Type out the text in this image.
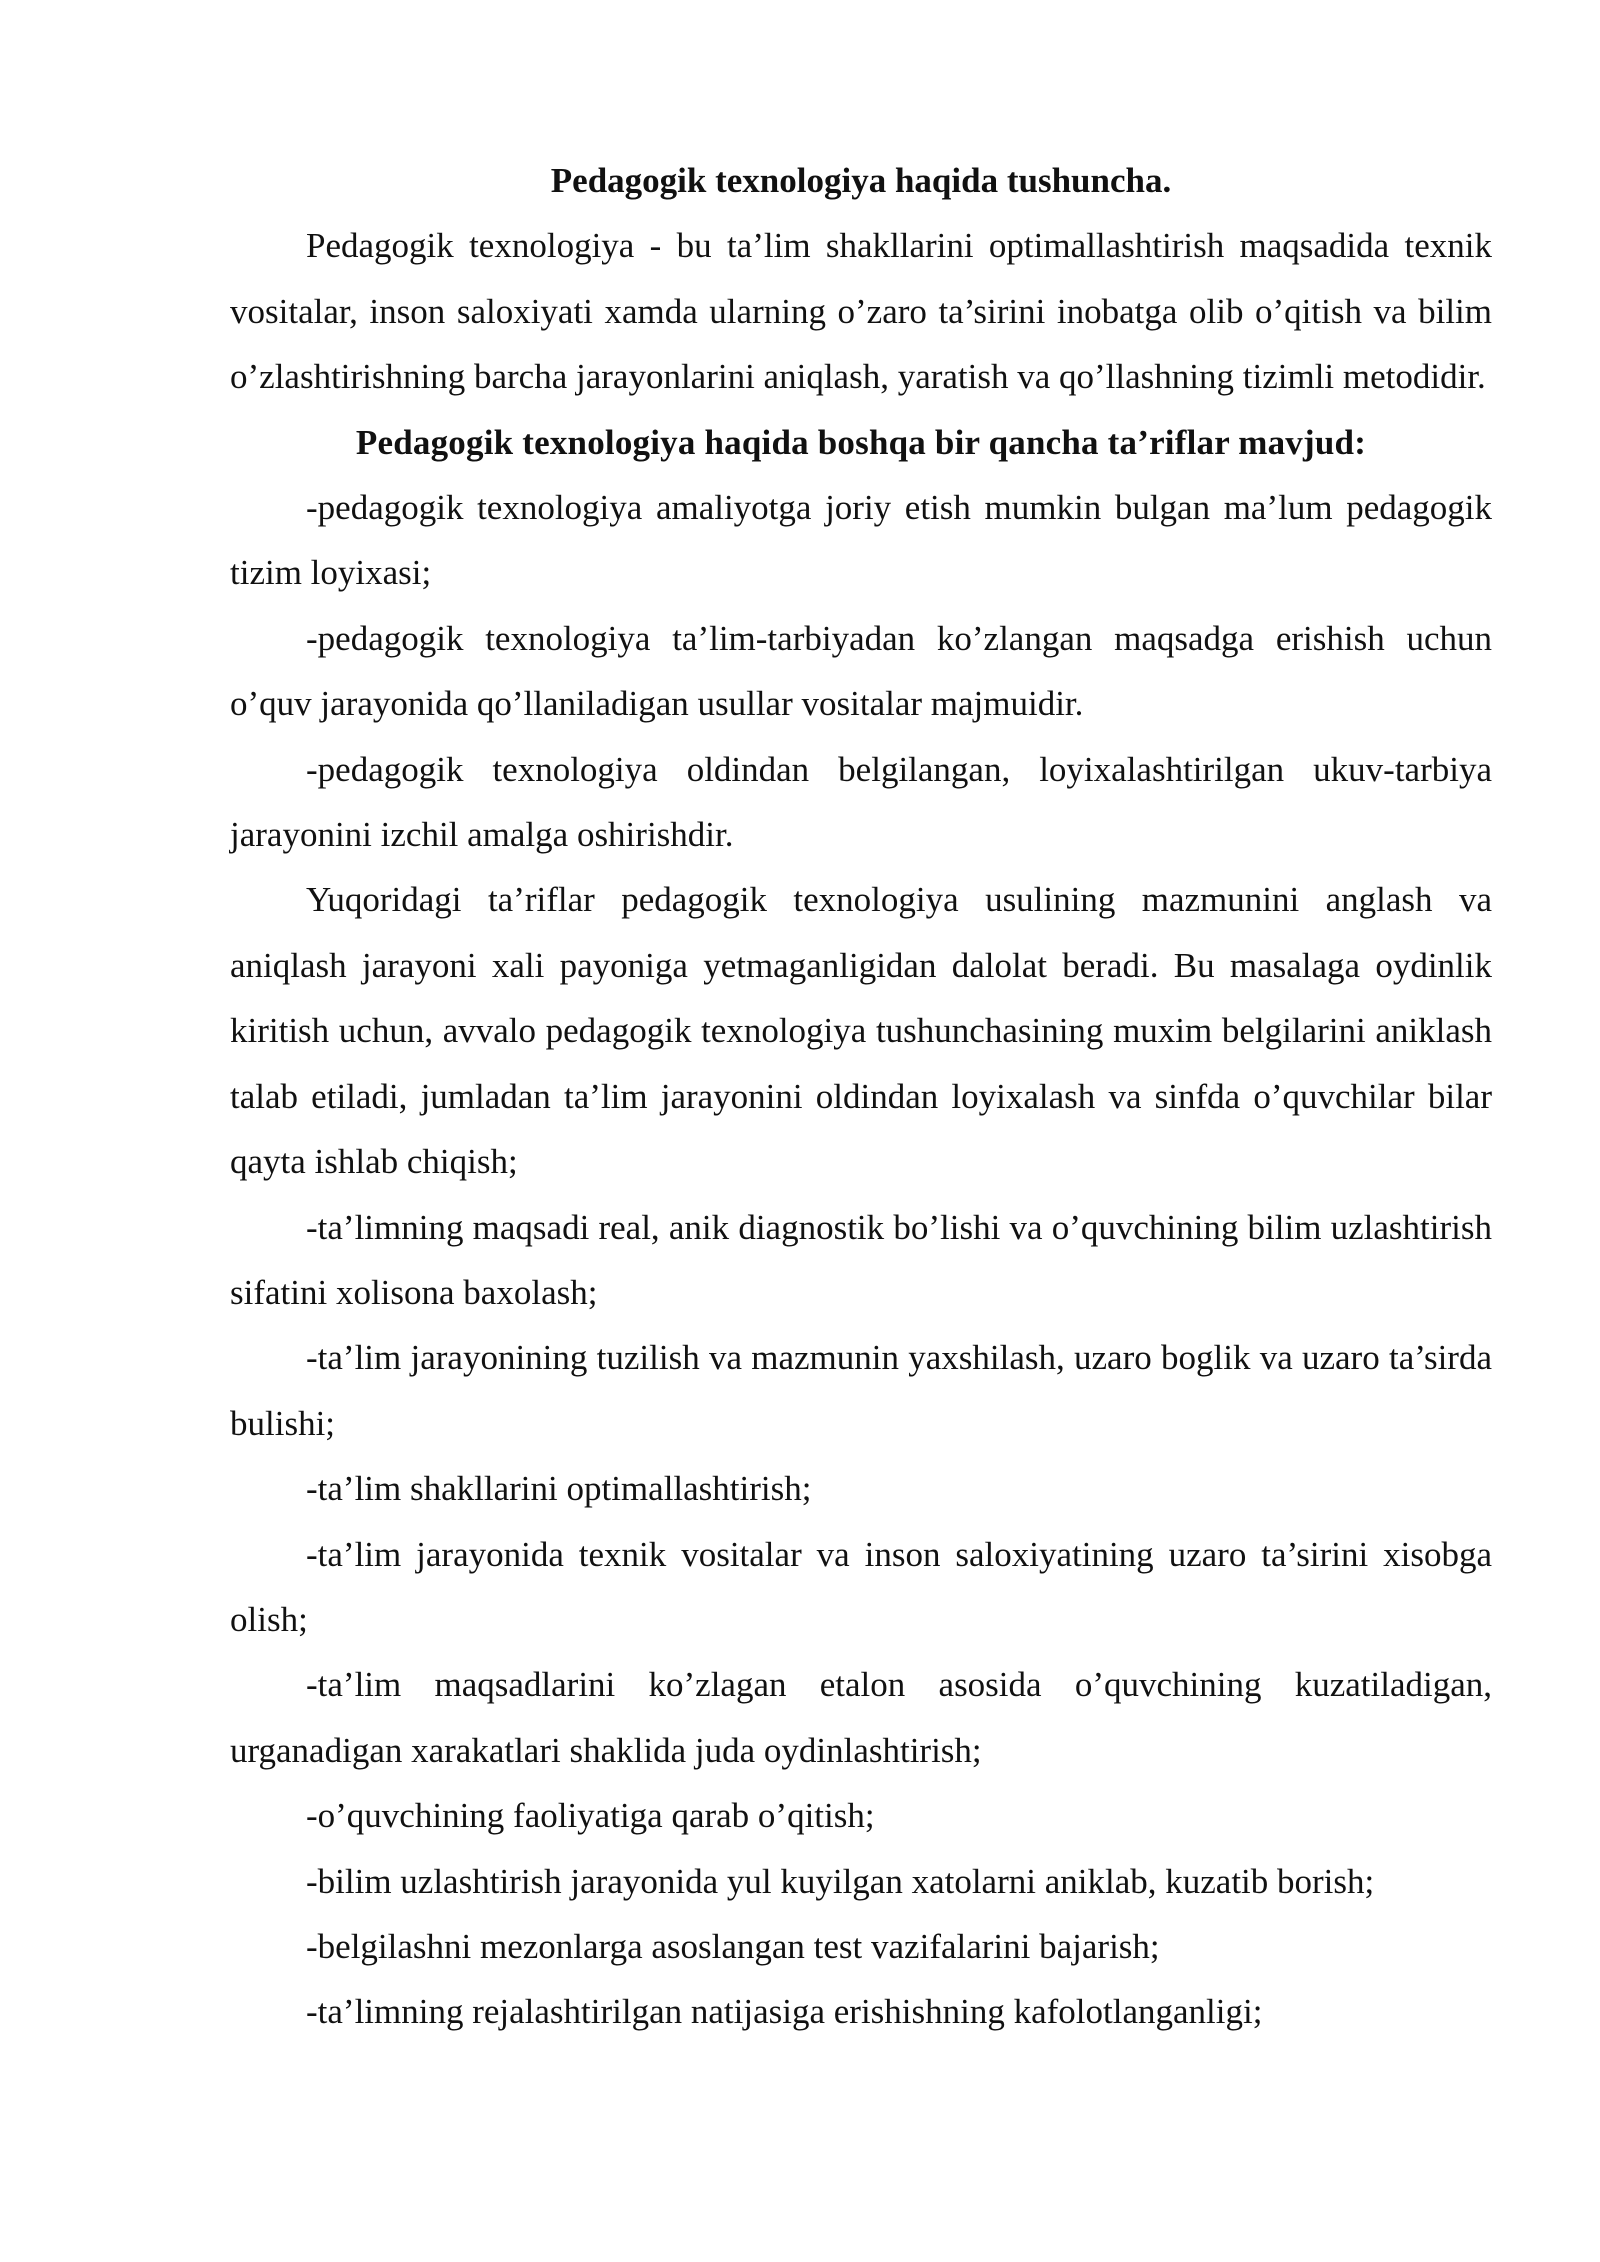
Pedagogik texnologiya haqida tushuncha.

Pedagogik texnologiya - bu ta’lim shakllarini optimallashtirish maqsadida texnik vositalar, inson saloxiyati xamda ularning o’zaro ta’sirini inobatga olib o’qitish va bilim o’zlashtirishning barcha jarayonlarini aniqlash, yaratish va qo’llashning tizimli metodidir.

Pedagogik texnologiya haqida boshqa bir qancha ta’riflar mavjud:

-pedagogik texnologiya amaliyotga joriy etish mumkin bulgan ma’lum pedagogik tizim loyixasi;

-pedagogik texnologiya ta’lim-tarbiyadan ko’zlangan maqsadga erishish uchun o’quv jarayonida qo’llaniladigan usullar vositalar majmuidir.

-pedagogik texnologiya oldindan belgilangan, loyixalashtirilgan ukuv-tarbiya jarayonini izchil amalga oshirishdir.

Yuqoridagi ta’riflar pedagogik texnologiya usulining mazmunini anglash va aniqlash jarayoni xali payoniga yetmaganligidan dalolat beradi. Bu masalaga oydinlik kiritish uchun, avvalo pedagogik texnologiya tushunchasining muxim belgilarini aniklash talab etiladi, jumladan ta’lim jarayonini oldindan loyixalash va sinfda o’quvchilar bilar qayta ishlab chiqish;

-ta’limning maqsadi real, anik diagnostik bo’lishi va o’quvchining bilim uzlashtirish sifatini xolisona baxolash;

-ta’lim jarayonining tuzilish va mazmunin yaxshilash, uzaro boglik va uzaro ta’sirda bulishi;

-ta’lim shakllarini optimallashtirish;

-ta’lim jarayonida texnik vositalar va inson saloxiyatining uzaro ta’sirini xisobga olish;

-ta’lim maqsadlarini ko’zlagan etalon asosida o’quvchining kuzatiladigan, urganadigan xarakatlari shaklida juda oydinlashtirish;

-o’quvchining faoliyatiga qarab o’qitish;

-bilim uzlashtirish jarayonida yul kuyilgan xatolarni aniklab, kuzatib borish;

-belgilashni mezonlarga asoslangan test vazifalarini bajarish;

-ta’limning rejalashtirilgan natijasiga erishishning kafolotlanganligi;
